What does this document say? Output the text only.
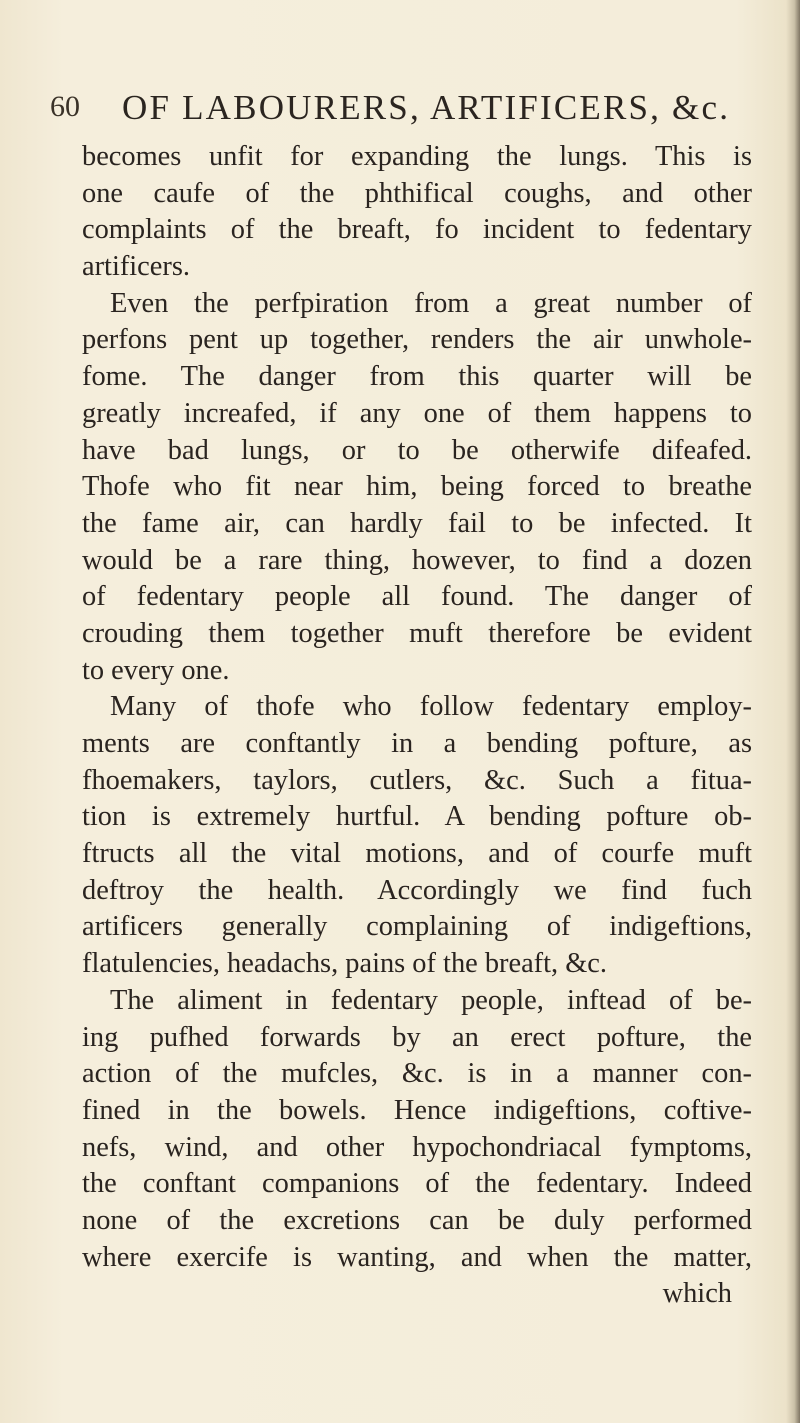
60 OF LABOURERS, ARTIFICERS, &c.
becomes unfit for expanding the lungs. This is
one caufe of the phthifical coughs, and other
complaints of the breaft, fo incident to fedentary
artificers.
Even the perfpiration from a great number of
perfons pent up together, renders the air unwhole-
fome. The danger from this quarter will be
greatly increafed, if any one of them happens to
have bad lungs, or to be otherwife difeafed.
Thofe who fit near him, being forced to breathe
the fame air, can hardly fail to be infected. It
would be a rare thing, however, to find a dozen
of fedentary people all found. The danger of
crouding them together muft therefore be evident
to every one.
Many of thofe who follow fedentary employ-
ments are conftantly in a bending pofture, as
fhoemakers, taylors, cutlers, &c. Such a fitua-
tion is extremely hurtful. A bending pofture ob-
ftructs all the vital motions, and of courfe muft
deftroy the health. Accordingly we find fuch
artificers generally complaining of indigeftions,
flatulencies, headachs, pains of the breaft, &c.
The aliment in fedentary people, inftead of be-
ing pufhed forwards by an erect pofture, the
action of the mufcles, &c. is in a manner con-
fined in the bowels. Hence indigeftions, coftive-
nefs, wind, and other hypochondriacal fymptoms,
the conftant companions of the fedentary. Indeed
none of the excretions can be duly performed
where exercife is wanting, and when the matter,
which
